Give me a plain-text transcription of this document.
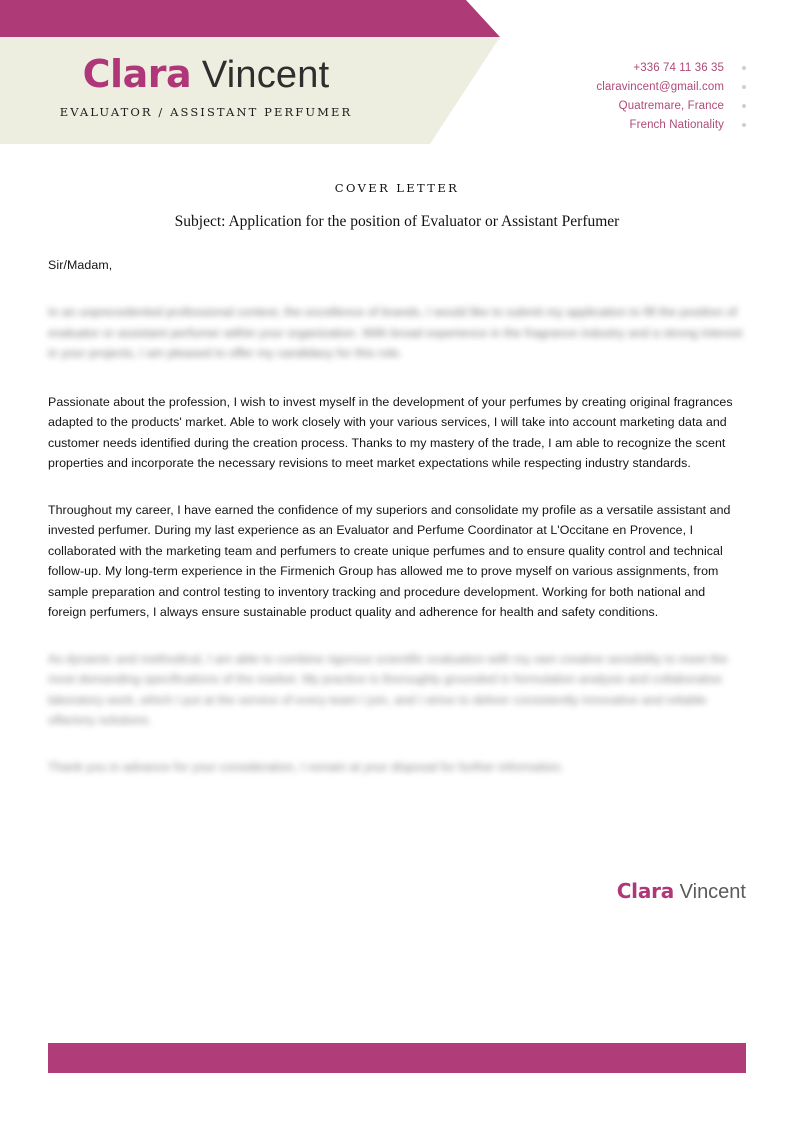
Clara Vincent
EVALUATOR / ASSISTANT PERFUMER
+336 74 11 36 35
claravincent@gmail.com
Quatremare, France
French Nationality
COVER LETTER
Subject: Application for the position of Evaluator or Assistant Perfumer
Sir/Madam,

In an unprecedented professional context, the excellence of brands, I would like to submit my application to fill the position of evaluator or assistant perfumer within your organization. With broad experience in the fragrance industry and a strong interest in your projects, I am pleased to offer my candidacy for this role.

Passionate about the profession, I wish to invest myself in the development of your perfumes by creating original fragrances adapted to the products' market. Able to work closely with your various services, I will take into account marketing data and customer needs identified during the creation process. Thanks to my mastery of the trade, I am able to recognize the scent properties and incorporate the necessary revisions to meet market expectations while respecting industry standards.

Throughout my career, I have earned the confidence of my superiors and consolidate my profile as a versatile assistant and invested perfumer. During my last experience as an Evaluator and Perfume Coordinator at L'Occitane en Provence, I collaborated with the marketing team and perfumers to create unique perfumes and to ensure quality control and technical follow-up. My long-term experience in the Firmenich Group has allowed me to prove myself on various assignments, from sample preparation and control testing to inventory tracking and procedure development. Working for both national and foreign perfumers, I always ensure sustainable product quality and adherence for health and safety conditions.

As dynamic and methodical, I am able to combine rigorous scientific evaluation with my own creative sensibility to meet the most demanding specifications of the market. My practice is thoroughly grounded in formulation analysis and collaborative laboratory work, which I put at the service of every team I join, and I strive to deliver consistently innovative and reliable olfactory solutions.

Thank you in advance for your consideration, I remain at your disposal for further information.

Clara Vincent
